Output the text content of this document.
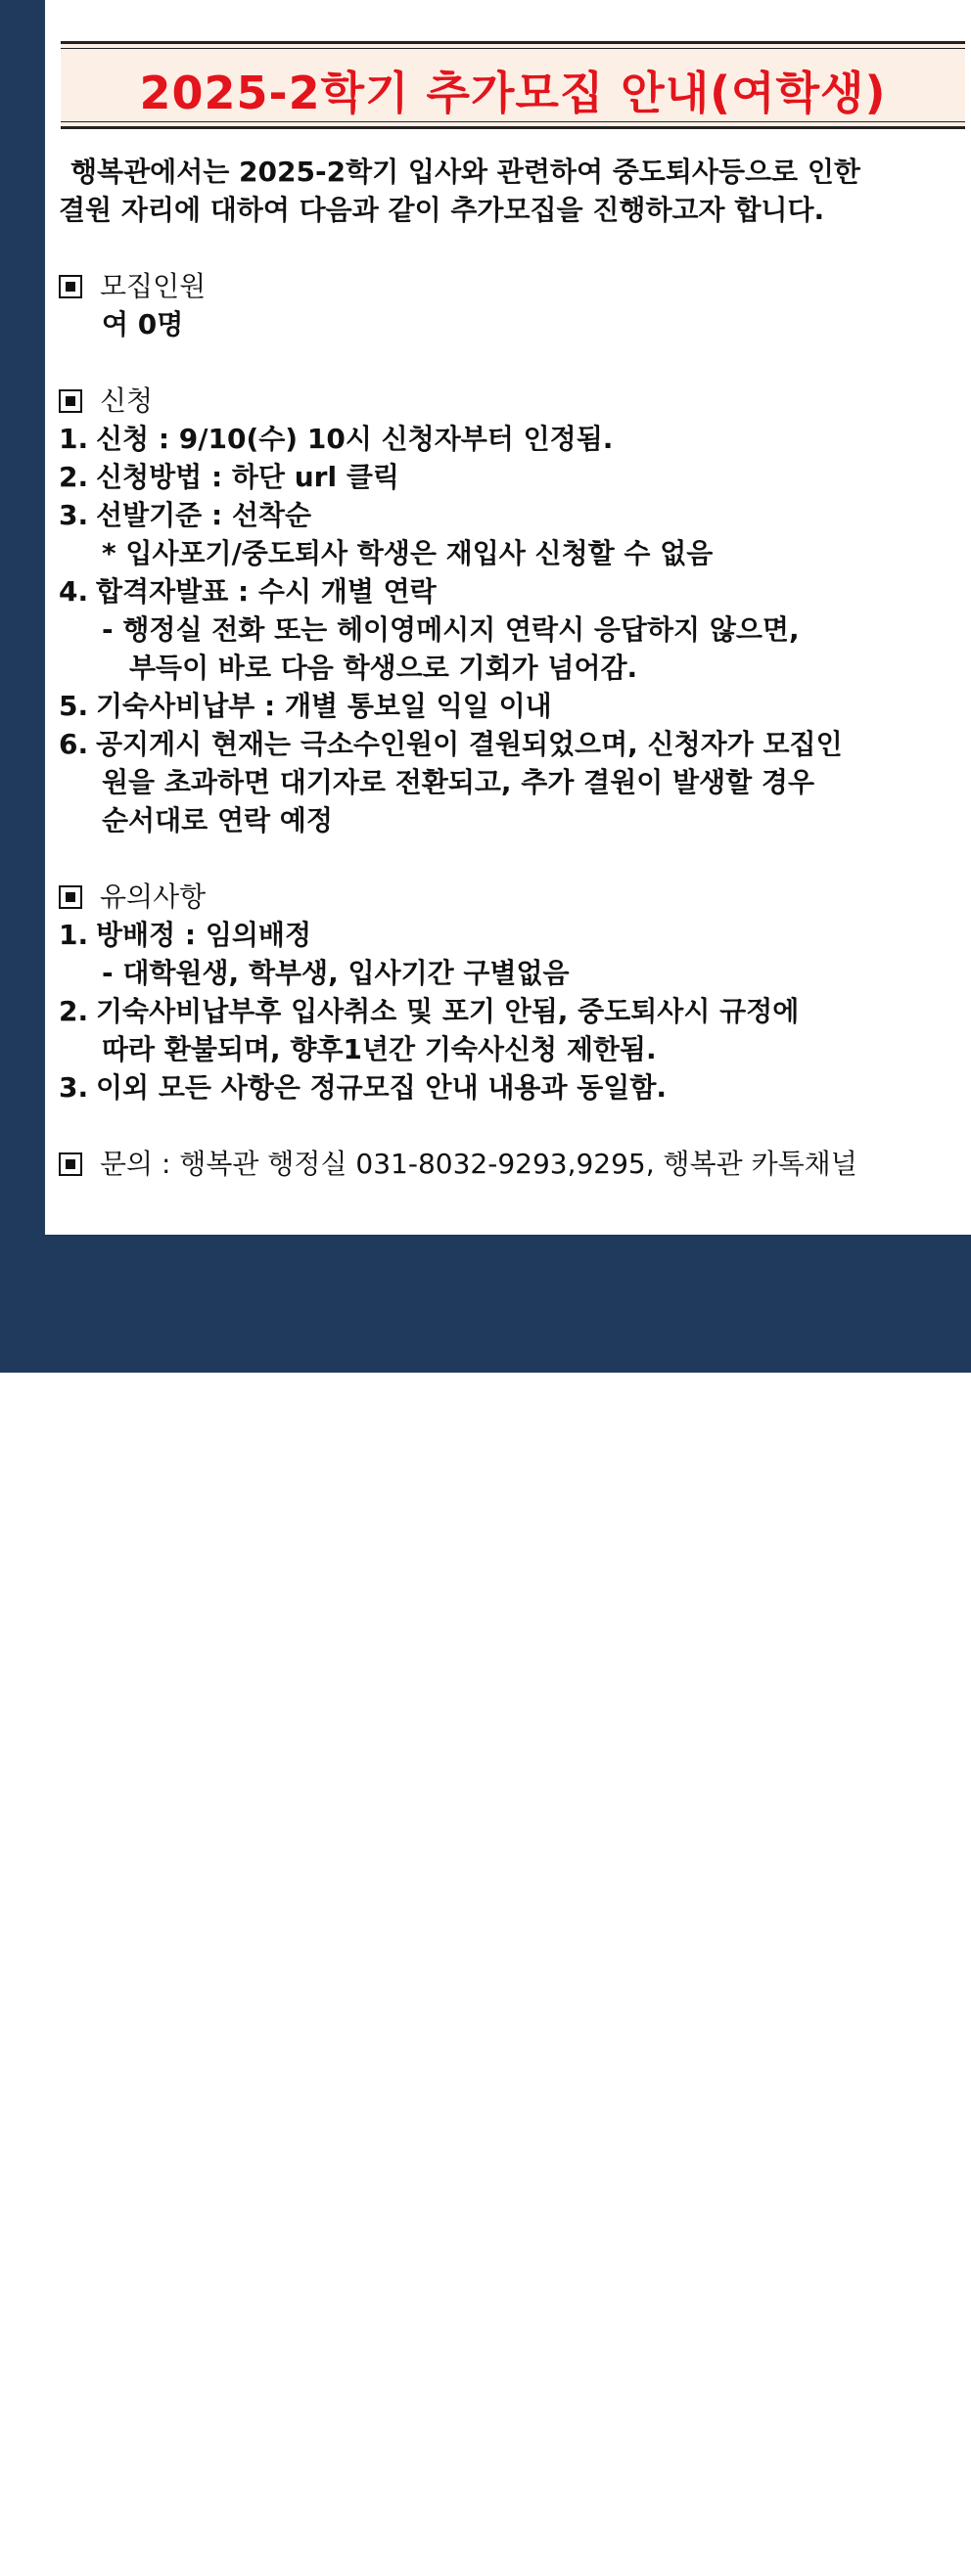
2025-2학기 추가모집 안내(여학생)
행복관에서는 2025-2학기 입사와 관련하여 중도퇴사등으로 인한
결원 자리에 대하여 다음과 같이 추가모집을 진행하고자 합니다.
모집인원
여 0명
신청
1. 신청 : 9/10(수) 10시 신청자부터 인정됨.
2. 신청방법 : 하단 url 클릭
3. 선발기준 : 선착순
* 입사포기/중도퇴사 학생은 재입사 신청할 수 없음
4. 합격자발표 : 수시 개별 연락
- 행정실 전화 또는 헤이영메시지 연락시 응답하지 않으면,
부득이 바로 다음 학생으로 기회가 넘어감.
5. 기숙사비납부 : 개별 통보일 익일 이내
6. 공지게시 현재는 극소수인원이 결원되었으며, 신청자가 모집인
원을 초과하면 대기자로 전환되고, 추가 결원이 발생할 경우
순서대로 연락 예정
유의사항
1. 방배정 : 임의배정
- 대학원생, 학부생, 입사기간 구별없음
2. 기숙사비납부후 입사취소 및 포기 안됨, 중도퇴사시 규정에
따라 환불되며, 향후1년간 기숙사신청 제한됨.
3. 이외 모든 사항은 정규모집 안내 내용과 동일함.
문의 : 행복관 행정실 031-8032-9293,9295, 행복관 카톡채널
한양대학교 ERICA 캠퍼스
HANYANG UNIVERSITY ERICA CAMPUS
행 복 관
Residence Hall Ⅲ
